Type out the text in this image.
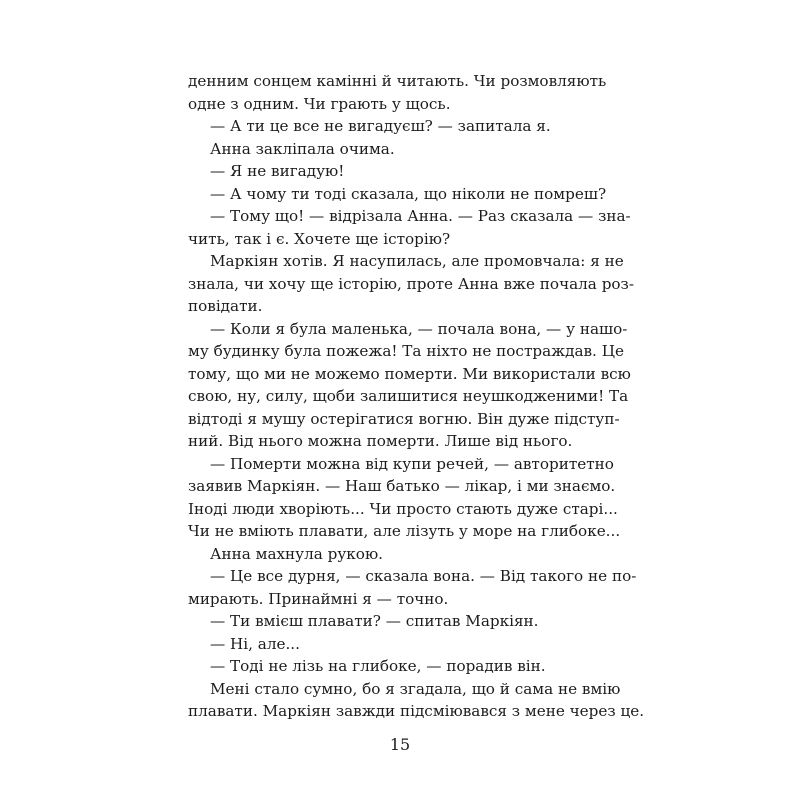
денним сонцем камінні й читають. Чи розмовляють
одне з одним. Чи грають у щось.
— А ти це все не вигадуєш? — запитала я.
Анна закліпала очима.
— Я не вигадую!
— А чому ти тоді сказала, що ніколи не помреш?
— Тому що! — відрізала Анна. — Раз сказала — зна-
чить, так і є. Хочете ще історію?
Маркіян хотів. Я насупилась, але промовчала: я не
знала, чи хочу ще історію, проте Анна вже почала роз-
повідати.
— Коли я була маленька, — почала вона, — у нашо-
му будинку була пожежа! Та ніхто не постраждав. Це
тому, що ми не можемо померти. Ми використали всю
свою, ну, силу, щоби залишитися неушкодженими! Та
відтоді я мушу остерігатися вогню. Він дуже підступ-
ний. Від нього можна померти. Лише від нього.
— Померти можна від купи речей, — авторитетно
заявив Маркіян. — Наш батько — лікар, і ми знаємо.
Іноді люди хворіють... Чи просто стають дуже старі...
Чи не вміють плавати, але лізуть у море на глибоке...
Анна махнула рукою.
— Це все дурня, — сказала вона. — Від такого не по-
мирають. Принаймні я — точно.
— Ти вмієш плавати? — спитав Маркіян.
— Ні, але...
— Тоді не лізь на глибоке, — порадив він.
Мені стало сумно, бо я згадала, що й сама не вмію
плавати. Маркіян завжди підсміювався з мене через це.
15
